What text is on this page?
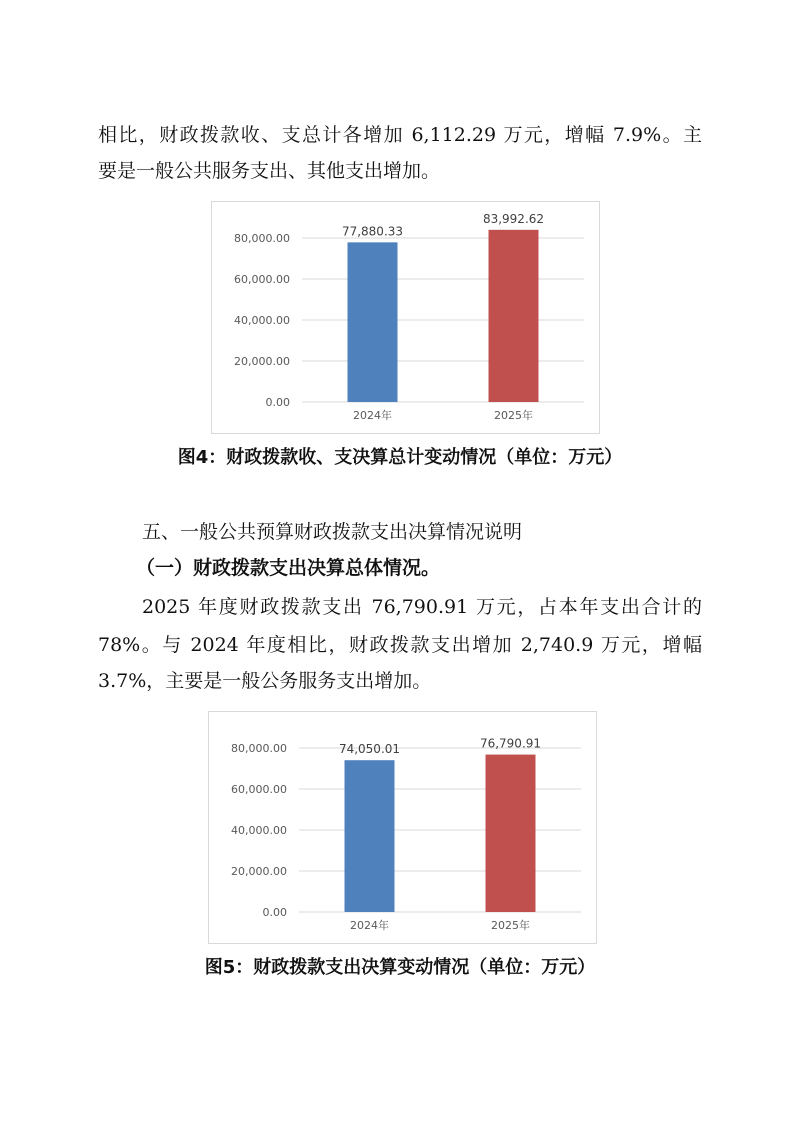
相比，财政拨款收、支总计各增加 6,112.29 万元，增幅 7.9%。主
要是一般公共服务支出、其他支出增加。
0.00
20,000.00
40,000.00
60,000.00
80,000.00
77,880.33
2024年
83,992.62
2025年
图4：财政拨款收、支决算总计变动情况（单位：万元）
五、一般公共预算财政拨款支出决算情况说明
（一）财政拨款支出决算总体情况。
2025 年度财政拨款支出 76,790.91 万元，占本年支出合计的
78%。与 2024 年度相比，财政拨款支出增加 2,740.9 万元，增幅
3.7%，主要是一般公务服务支出增加。
0.00
20,000.00
40,000.00
60,000.00
80,000.00	74,050.01
2024年
76,790.91
2025年
图5：财政拨款支出决算变动情况（单位：万元）
